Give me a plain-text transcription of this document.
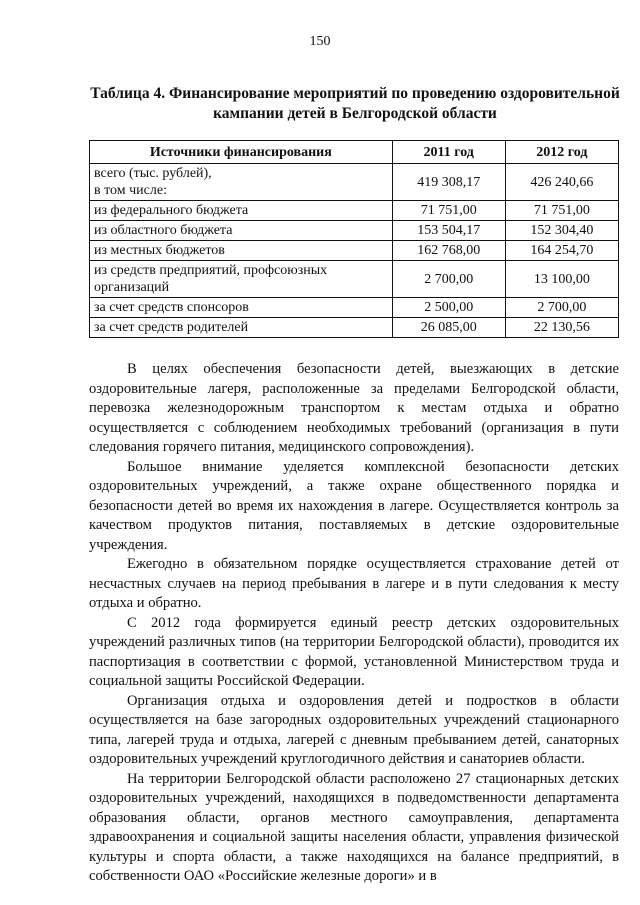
150
Таблица 4. Финансирование мероприятий по проведению оздоровительной
кампании детей в Белгородской области
Источники финансирования	2011 год	2012 год
всего (тыс. рублей),
в том числе:	419 308,17	426 240,66
из федерального бюджета	71 751,00	71 751,00
из областного бюджета	153 504,17	152 304,40
из местных бюджетов	162 768,00	164 254,70
из средств предприятий, профсоюзных
организаций	2 700,00	13 100,00
за счет средств спонсоров	2 500,00	2 700,00
за счет средств родителей	26 085,00	22 130,56

В целях обеспечения безопасности детей, выезжающих в детские оздоровительные лагеря, расположенные за пределами Белгородской области, перевозка железнодорожным транспортом к местам отдыха и обратно осуществляется с соблюдением необходимых требований (организация в пути следования горячего питания, медицинского сопровождения).

Большое внимание уделяется комплексной безопасности детских оздоровительных учреждений, а также охране общественного порядка и безопасности детей во время их нахождения в лагере. Осуществляется контроль за качеством продуктов питания, поставляемых в детские оздоровительные учреждения.

Ежегодно в обязательном порядке осуществляется страхование детей от несчастных случаев на период пребывания в лагере и в пути следования к месту отдыха и обратно.

С 2012 года формируется единый реестр детских оздоровительных учреждений различных типов (на территории Белгородской области), проводится их паспортизация в соответствии с формой, установленной Министерством труда и социальной защиты Российской Федерации.

Организация отдыха и оздоровления детей и подростков в области осуществляется на базе загородных оздоровительных учреждений стационарного типа, лагерей труда и отдыха, лагерей с дневным пребыванием детей, санаторных оздоровительных учреждений круглогодичного действия и санаториев области.

На территории Белгородской области расположено 27 стационарных детских оздоровительных учреждений, находящихся в подведомственности департамента образования области, органов местного самоуправления, департамента здравоохранения и социальной защиты населения области, управления физической культуры и спорта области, а также находящихся на балансе предприятий, в собственности ОАО «Российские железные дороги» и в
